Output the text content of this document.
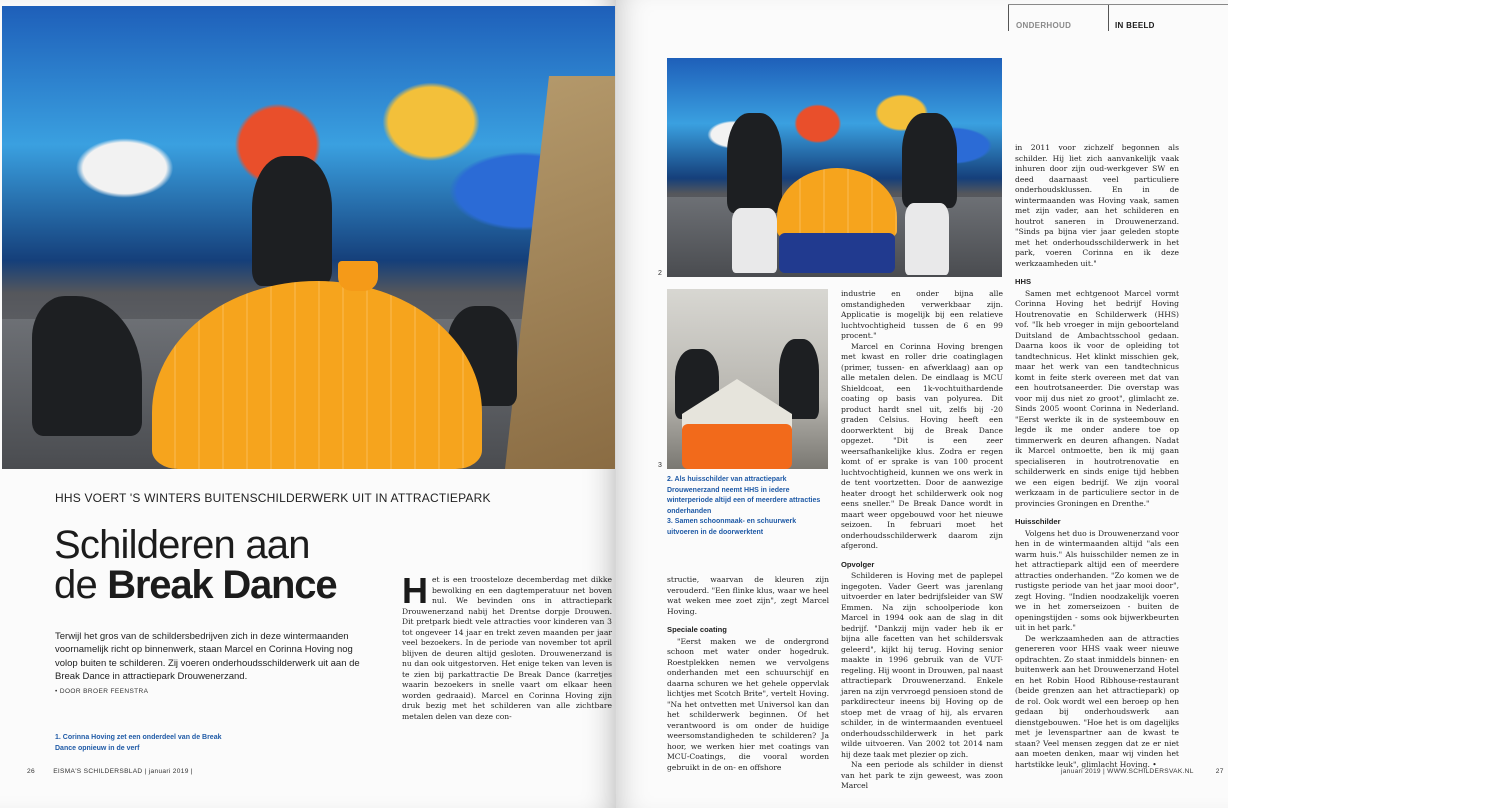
HHS VOERT 'S WINTERS BUITENSCHILDERWERK UIT IN ATTRACTIEPARK
Schilderen aan
de Break Dance
Terwijl het gros van de schildersbedrijven zich in deze wintermaanden voornamelijk richt op binnenwerk, staan Marcel en Corinna Hoving nog volop buiten te schilderen. Zij voeren onderhoudsschilderwerk uit aan de Break Dance in attractiepark Drouwenerzand.
• DOOR BROER FEENSTRA
1. Corinna Hoving zet een onderdeel van de Break Dance opnieuw in de verf
Het is een troosteloze decemberdag met dikke bewolking en een dagtemperatuur net boven nul. We bevinden ons in attractiepark Drouwenerzand nabij het Drentse dorpje Drouwen. Dit pretpark biedt vele attracties voor kinderen van 3 tot ongeveer 14 jaar en trekt zeven maanden per jaar veel bezoekers. In de periode van november tot april blijven de deuren altijd gesloten. Drouwenerzand is nu dan ook uitgestorven. Het enige teken van leven is te zien bij parkattractie De Break Dance (karretjes waarin bezoekers in snelle vaart om elkaar heen worden gedraaid). Marcel en Corinna Hoving zijn druk bezig met het schilderen van alle zichtbare metalen delen van deze con-
26	EISMA'S SCHILDERSBLAD | januari 2019 |
ONDERHOUD	IN BEELD
2
3
2. Als huisschilder van attractiepark Drouwenerzand neemt HHS in iedere winterperiode altijd een of meerdere attracties onderhanden
3. Samen schoonmaak- en schuurwerk uitvoeren in de doorwerktent

structie, waarvan de kleuren zijn verouderd. "Een flinke klus, waar we heel wat weken mee zoet zijn", zegt Marcel Hoving.

Speciale coating

"Eerst maken we de ondergrond schoon met water onder hogedruk. Roestplekken nemen we vervolgens onderhanden met een schuurschijf en daarna schuren we het gehele oppervlak lichtjes met Scotch Brite", vertelt Hoving. "Na het ontvetten met Universol kan dan het schilderwerk beginnen. Of het verantwoord is om onder de huidige weersomstandigheden te schilderen? Ja hoor, we werken hier met coatings van MCU-Coatings, die vooral worden gebruikt in de on- en offshore

industrie en onder bijna alle omstandigheden verwerkbaar zijn. Applicatie is mogelijk bij een relatieve luchtvochtigheid tussen de 6 en 99 procent."

Marcel en Corinna Hoving brengen met kwast en roller drie coatinglagen (primer, tussen- en afwerklaag) aan op alle metalen delen. De eindlaag is MCU Shieldcoat, een 1k-vochtuithardende coating op basis van polyurea. Dit product hardt snel uit, zelfs bij -20 graden Celsius. Hoving heeft een doorwerktent bij de Break Dance opgezet. "Dit is een zeer weersafhankelijke klus. Zodra er regen komt of er sprake is van 100 procent luchtvochtigheid, kunnen we ons werk in de tent voortzetten. Door de aanwezige heater droogt het schilderwerk ook nog eens sneller." De Break Dance wordt in maart weer opgebouwd voor het nieuwe seizoen. In februari moet het onderhoudsschilderwerk daarom zijn afgerond.

Opvolger

Schilderen is Hoving met de paplepel ingegoten. Vader Geert was jarenlang uitvoerder en later bedrijfsleider van SW Emmen. Na zijn schoolperiode kon Marcel in 1994 ook aan de slag in dit bedrijf. "Dankzij mijn vader heb ik er bijna alle facetten van het schildersvak geleerd", kijkt hij terug. Hoving senior maakte in 1996 gebruik van de VUT-regeling. Hij woont in Drouwen, pal naast attractiepark Drouwenerzand. Enkele jaren na zijn vervroegd pensioen stond de parkdirecteur ineens bij Hoving op de stoep met de vraag of hij, als ervaren schilder, in de wintermaanden eventueel onderhoudsschilderwerk in het park wilde uitvoeren. Van 2002 tot 2014 nam hij deze taak met plezier op zich.

Na een periode als schilder in dienst van het park te zijn geweest, was zoon Marcel

in 2011 voor zichzelf begonnen als schilder. Hij liet zich aanvankelijk vaak inhuren door zijn oud-werkgever SW en deed daarnaast veel particuliere onderhoudsklussen. En in de wintermaanden was Hoving vaak, samen met zijn vader, aan het schilderen en houtrot saneren in Drouwenerzand. "Sinds pa bijna vier jaar geleden stopte met het onderhoudsschilderwerk in het park, voeren Corinna en ik deze werkzaamheden uit."

HHS

Samen met echtgenoot Marcel vormt Corinna Hoving het bedrijf Hoving Houtrenovatie en Schilderwerk (HHS) vof. "Ik heb vroeger in mijn geboorteland Duitsland de Ambachtsschool gedaan. Daarna koos ik voor de opleiding tot tandtechnicus. Het klinkt misschien gek, maar het werk van een tandtechnicus komt in feite sterk overeen met dat van een houtrotsaneerder. Die overstap was voor mij dus niet zo groot", glimlacht ze. Sinds 2005 woont Corinna in Nederland. "Eerst werkte ik in de systeembouw en legde ik me onder andere toe op timmerwerk en deuren afhangen. Nadat ik Marcel ontmoette, ben ik mij gaan specialiseren in houtrotrenovatie en schilderwerk en sinds enige tijd hebben we een eigen bedrijf. We zijn vooral werkzaam in de particuliere sector in de provincies Groningen en Drenthe."

Huisschilder

Volgens het duo is Drouwenerzand voor hen in de wintermaanden altijd "als een warm huis." Als huisschilder nemen ze in het attractiepark altijd een of meerdere attracties onderhanden. "Zo komen we de rustigste periode van het jaar mooi door", zegt Hoving. "Indien noodzakelijk voeren we in het zomerseizoen - buiten de openingstijden - soms ook bijwerkbeurten uit in het park."

De werkzaamheden aan de attracties genereren voor HHS vaak weer nieuwe opdrachten. Zo staat inmiddels binnen- en buitenwerk aan het Drouwenerzand Hotel en het Robin Hood Ribhouse-restaurant (beide grenzen aan het attractiepark) op de rol. Ook wordt wel een beroep op hen gedaan bij onderhoudswerk aan dienstgebouwen. "Hoe het is om dagelijks met je levenspartner aan de kwast te staan? Veel mensen zeggen dat ze er niet aan moeten denken, maar wij vinden het hartstikke leuk", glimlacht Hoving. •

januari 2019 | WWW.SCHILDERSVAK.NL	27
